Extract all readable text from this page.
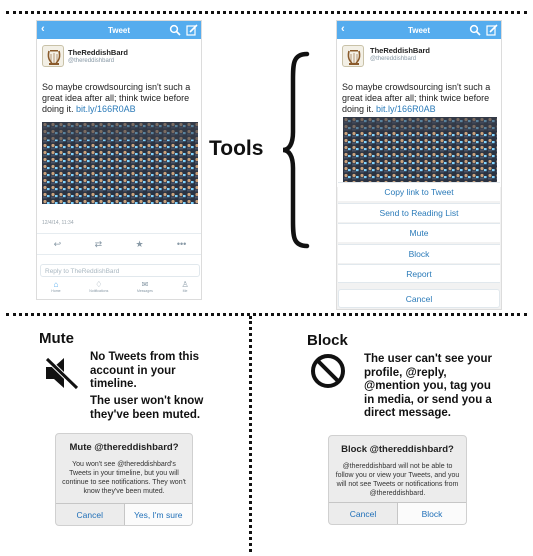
‹	Tweet
TheReddishBard
@thereddishbard
So maybe crowdsourcing isn't such a great idea after all; think twice before doing it. bit.ly/166R0AB
12/4/14, 11:34
↩	⇄	★	•••
Reply to TheReddishBard
⌂
Home
♢
Notifications
✉
Messages
♙
Me
Tools
‹	Tweet
TheReddishBard
@thereddishbard
So maybe crowdsourcing isn't such a great idea after all; think twice before doing it. bit.ly/166R0AB
Copy link to Tweet
Send to Reading List
Mute
Block
Report
Cancel
Mute
No Tweets from this account in your timeline.
The user won't know they've been muted.
Mute @thereddishbard?
You won't see @thereddishbard's Tweets in your timeline, but you will continue to see notifications. They won't know they've been muted.
Cancel	Yes, I'm sure
Block
The user can't see your profile, @reply, @mention you, tag you in media, or send you a direct message.
Block @thereddishbard?
@thereddishbard will not be able to follow you or view your Tweets, and you will not see Tweets or notifications from @thereddishbard.
Cancel	Block
